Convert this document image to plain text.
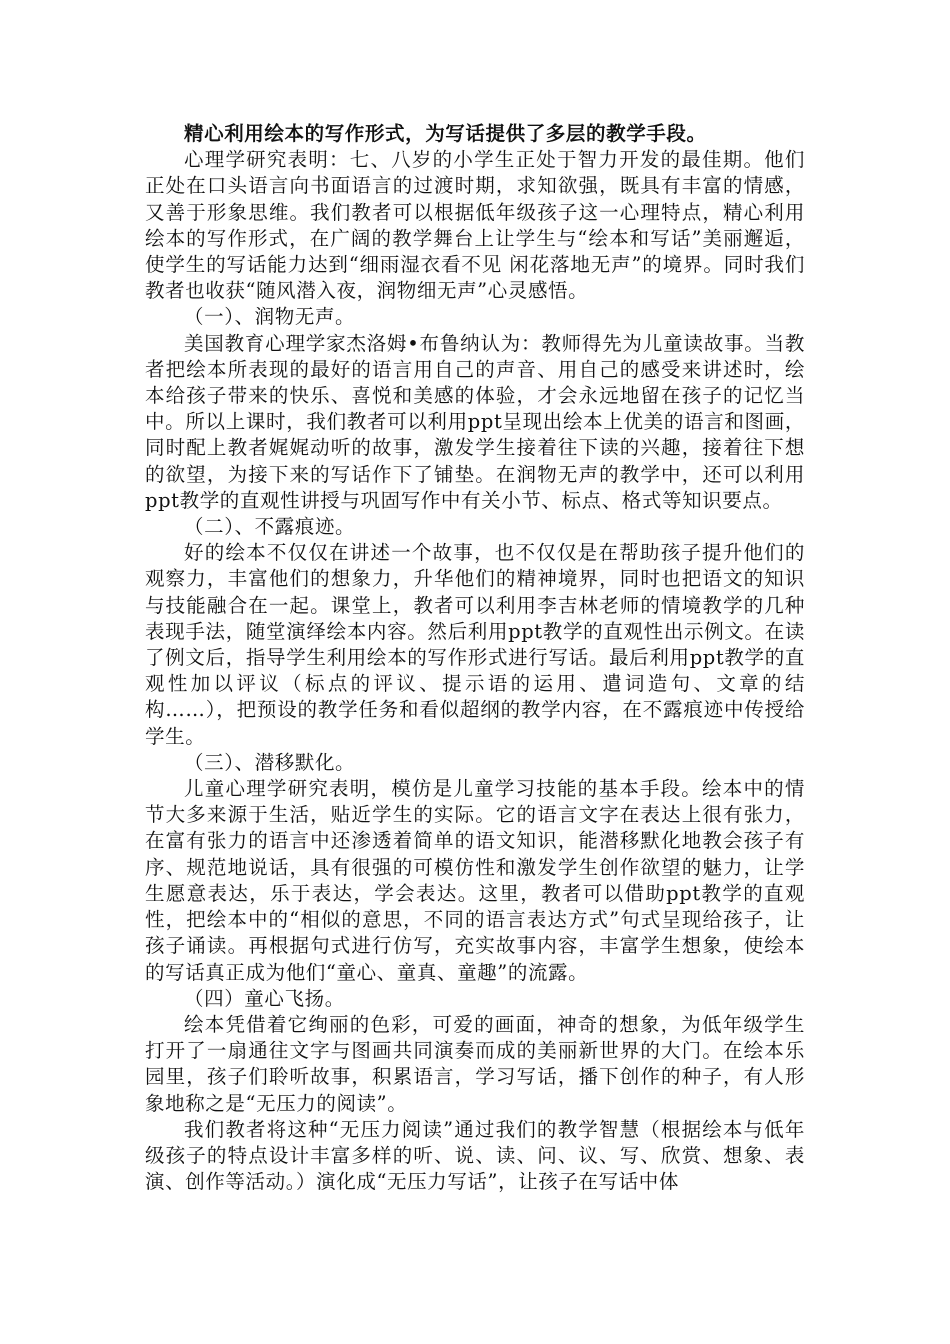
精心利用绘本的写作形式，为写话提供了多层的教学手段。

心理学研究表明：七、八岁的小学生正处于智力开发的最佳期。他们正处在口头语言向书面语言的过渡时期，求知欲强，既具有丰富的情感，又善于形象思维。我们教者可以根据低年级孩子这一心理特点，精心利用绘本的写作形式，在广阔的教学舞台上让学生与“绘本和写话”美丽邂逅，使学生的写话能力达到“细雨湿衣看不见 闲花落地无声”的境界。同时我们教者也收获“随风潜入夜，润物细无声”心灵感悟。

（一）、润物无声。

美国教育心理学家杰洛姆•布鲁纳认为：教师得先为儿童读故事。当教者把绘本所表现的最好的语言用自己的声音、用自己的感受来讲述时，绘本给孩子带来的快乐、喜悦和美感的体验，才会永远地留在孩子的记忆当中。所以上课时，我们教者可以利用ppt呈现出绘本上优美的语言和图画，同时配上教者娓娓动听的故事，激发学生接着往下读的兴趣，接着往下想的欲望，为接下来的写话作下了铺垫。在润物无声的教学中，还可以利用ppt教学的直观性讲授与巩固写作中有关小节、标点、格式等知识要点。

（二）、不露痕迹。

好的绘本不仅仅在讲述一个故事，也不仅仅是在帮助孩子提升他们的观察力，丰富他们的想象力，升华他们的精神境界，同时也把语文的知识与技能融合在一起。课堂上，教者可以利用李吉林老师的情境教学的几种表现手法，随堂演绎绘本内容。然后利用ppt教学的直观性出示例文。在读了例文后，指导学生利用绘本的写作形式进行写话。最后利用ppt教学的直观性加以评议（标点的评议、提示语的运用、遣词造句、文章的结构……），把预设的教学任务和看似超纲的教学内容，在不露痕迹中传授给学生。

（三）、潜移默化。

儿童心理学研究表明，模仿是儿童学习技能的基本手段。绘本中的情节大多来源于生活，贴近学生的实际。它的语言文字在表达上很有张力，在富有张力的语言中还渗透着简单的语文知识，能潜移默化地教会孩子有序、规范地说话，具有很强的可模仿性和激发学生创作欲望的魅力，让学生愿意表达，乐于表达，学会表达。这里，教者可以借助ppt教学的直观性，把绘本中的“相似的意思，不同的语言表达方式”句式呈现给孩子，让孩子诵读。再根据句式进行仿写，充实故事内容，丰富学生想象，使绘本的写话真正成为他们“童心、童真、童趣”的流露。

（四）童心飞扬。

绘本凭借着它绚丽的色彩，可爱的画面，神奇的想象，为低年级学生打开了一扇通往文字与图画共同演奏而成的美丽新世界的大门。在绘本乐园里，孩子们聆听故事，积累语言，学习写话，播下创作的种子，有人形象地称之是“无压力的阅读”。

我们教者将这种“无压力阅读”通过我们的教学智慧（根据绘本与低年级孩子的特点设计丰富多样的听、说、读、问、议、写、欣赏、想象、表演、创作等活动。）演化成“无压力写话”，让孩子在写话中体
